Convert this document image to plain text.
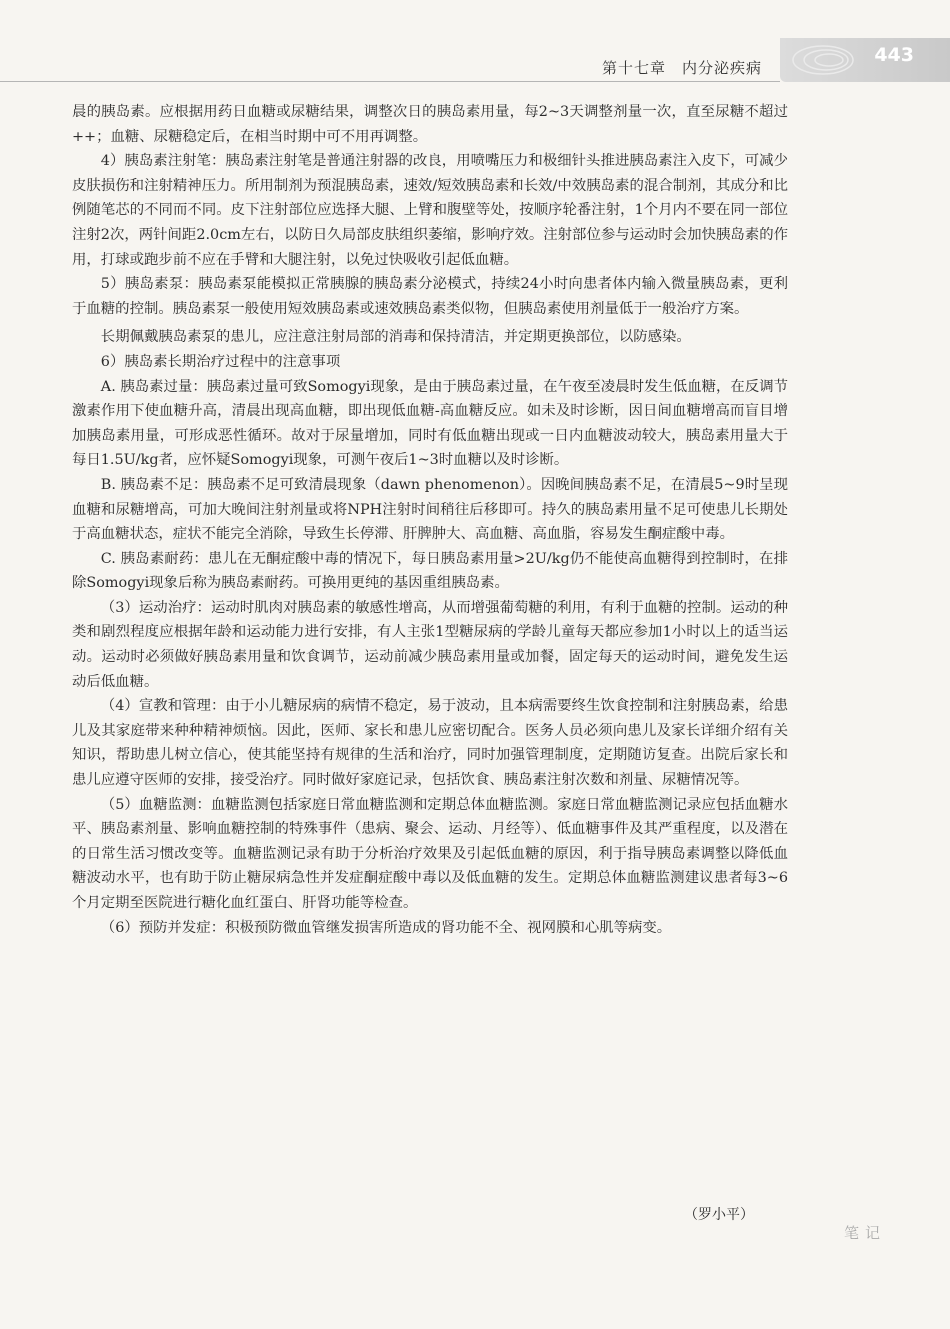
第十七章　内分泌疾病
443

晨的胰岛素。应根据用药日血糖或尿糖结果，调整次日的胰岛素用量，每2~3天调整剂量一次，直至尿糖不超过++；血糖、尿糖稳定后，在相当时期中可不用再调整。

4）胰岛素注射笔：胰岛素注射笔是普通注射器的改良，用喷嘴压力和极细针头推进胰岛素注入皮下，可减少皮肤损伤和注射精神压力。所用制剂为预混胰岛素，速效/短效胰岛素和长效/中效胰岛素的混合制剂，其成分和比例随笔芯的不同而不同。皮下注射部位应选择大腿、上臂和腹壁等处，按顺序轮番注射，1个月内不要在同一部位注射2次，两针间距2.0cm左右，以防日久局部皮肤组织萎缩，影响疗效。注射部位参与运动时会加快胰岛素的作用，打球或跑步前不应在手臂和大腿注射，以免过快吸收引起低血糖。

5）胰岛素泵：胰岛素泵能模拟正常胰腺的胰岛素分泌模式，持续24小时向患者体内输入微量胰岛素，更利于血糖的控制。胰岛素泵一般使用短效胰岛素或速效胰岛素类似物，但胰岛素使用剂量低于一般治疗方案。

长期佩戴胰岛素泵的患儿，应注意注射局部的消毒和保持清洁，并定期更换部位，以防感染。

6）胰岛素长期治疗过程中的注意事项

A. 胰岛素过量：胰岛素过量可致Somogyi现象，是由于胰岛素过量，在午夜至凌晨时发生低血糖，在反调节激素作用下使血糖升高，清晨出现高血糖，即出现低血糖-高血糖反应。如未及时诊断，因日间血糖增高而盲目增加胰岛素用量，可形成恶性循环。故对于尿量增加，同时有低血糖出现或一日内血糖波动较大，胰岛素用量大于每日1.5U/kg者，应怀疑Somogyi现象，可测午夜后1~3时血糖以及时诊断。

B. 胰岛素不足：胰岛素不足可致清晨现象（dawn phenomenon）。因晚间胰岛素不足，在清晨5~9时呈现血糖和尿糖增高，可加大晚间注射剂量或将NPH注射时间稍往后移即可。持久的胰岛素用量不足可使患儿长期处于高血糖状态，症状不能完全消除，导致生长停滞、肝脾肿大、高血糖、高血脂，容易发生酮症酸中毒。

C. 胰岛素耐药：患儿在无酮症酸中毒的情况下，每日胰岛素用量>2U/kg仍不能使高血糖得到控制时，在排除Somogyi现象后称为胰岛素耐药。可换用更纯的基因重组胰岛素。

（3）运动治疗：运动时肌肉对胰岛素的敏感性增高，从而增强葡萄糖的利用，有利于血糖的控制。运动的种类和剧烈程度应根据年龄和运动能力进行安排，有人主张1型糖尿病的学龄儿童每天都应参加1小时以上的适当运动。运动时必须做好胰岛素用量和饮食调节，运动前减少胰岛素用量或加餐，固定每天的运动时间，避免发生运动后低血糖。

（4）宣教和管理：由于小儿糖尿病的病情不稳定，易于波动，且本病需要终生饮食控制和注射胰岛素，给患儿及其家庭带来种种精神烦恼。因此，医师、家长和患儿应密切配合。医务人员必须向患儿及家长详细介绍有关知识，帮助患儿树立信心，使其能坚持有规律的生活和治疗，同时加强管理制度，定期随访复查。出院后家长和患儿应遵守医师的安排，接受治疗。同时做好家庭记录，包括饮食、胰岛素注射次数和剂量、尿糖情况等。

（5）血糖监测：血糖监测包括家庭日常血糖监测和定期总体血糖监测。家庭日常血糖监测记录应包括血糖水平、胰岛素剂量、影响血糖控制的特殊事件（患病、聚会、运动、月经等）、低血糖事件及其严重程度，以及潜在的日常生活习惯改变等。血糖监测记录有助于分析治疗效果及引起低血糖的原因，利于指导胰岛素调整以降低血糖波动水平，也有助于防止糖尿病急性并发症酮症酸中毒以及低血糖的发生。定期总体血糖监测建议患者每3~6个月定期至医院进行糖化血红蛋白、肝肾功能等检查。

（6）预防并发症：积极预防微血管继发损害所造成的肾功能不全、视网膜和心肌等病变。

（罗小平）
笔记
